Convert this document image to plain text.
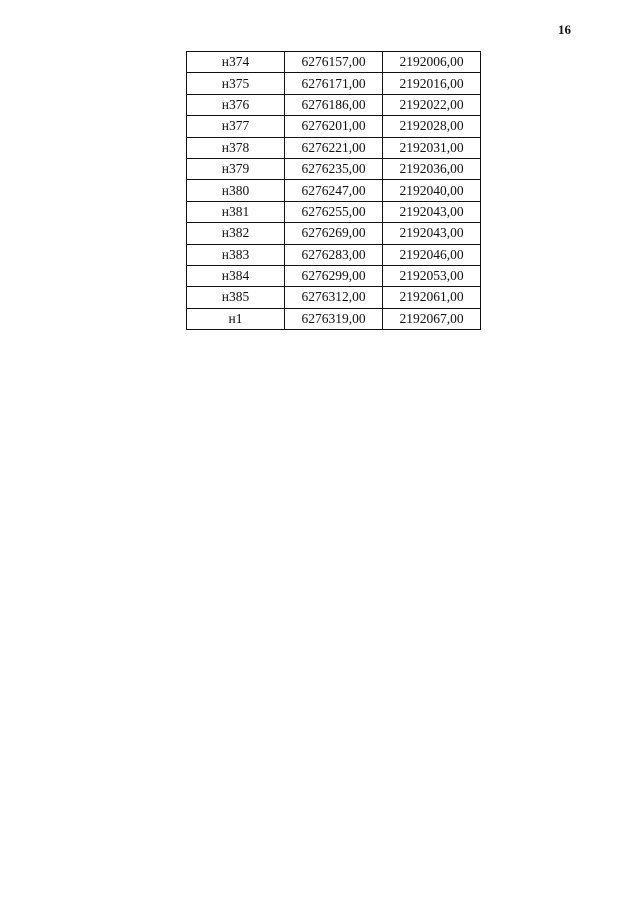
16
н374	6276157,00	2192006,00
н375	6276171,00	2192016,00
н376	6276186,00	2192022,00
н377	6276201,00	2192028,00
н378	6276221,00	2192031,00
н379	6276235,00	2192036,00
н380	6276247,00	2192040,00
н381	6276255,00	2192043,00
н382	6276269,00	2192043,00
н383	6276283,00	2192046,00
н384	6276299,00	2192053,00
н385	6276312,00	2192061,00
н1	6276319,00	2192067,00
